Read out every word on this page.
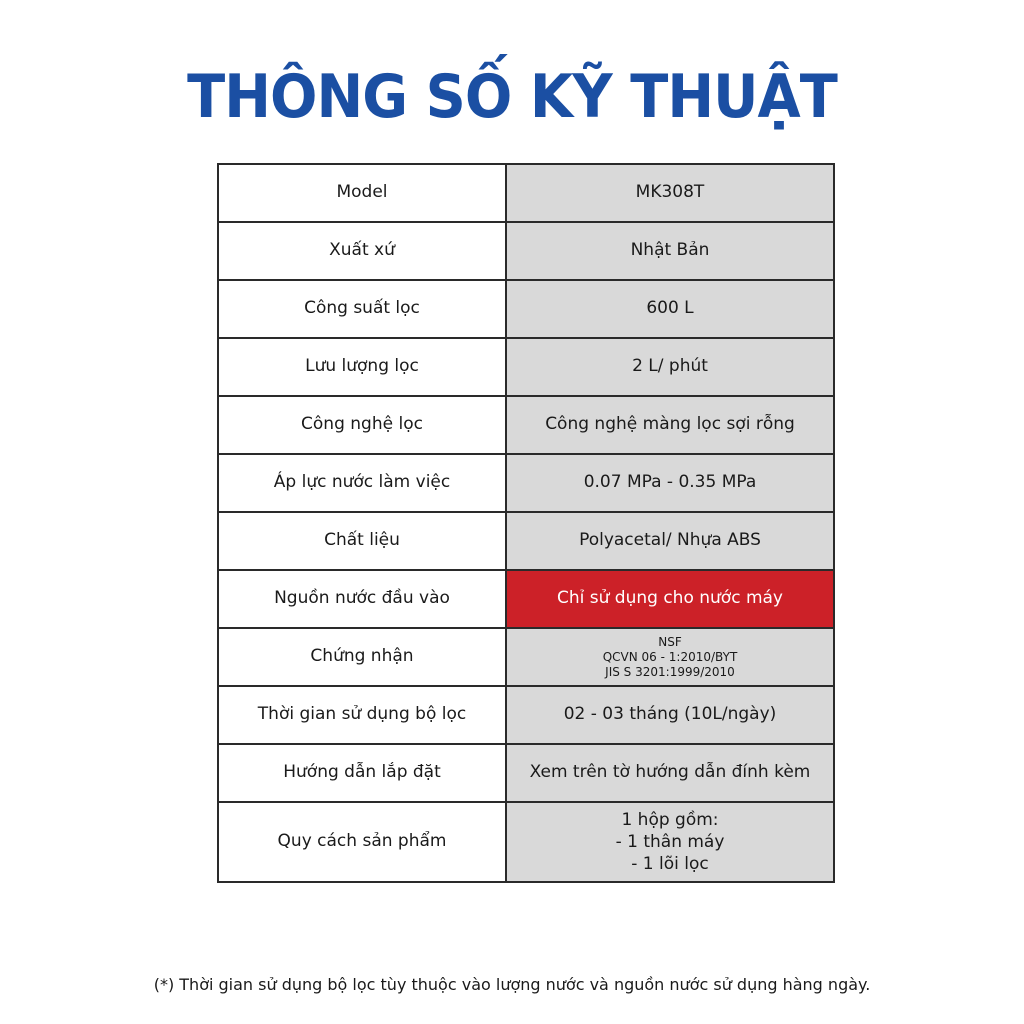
THÔNG SỐ KỸ THUẬT
Model	MK308T
Xuất xứ	Nhật Bản
Công suất lọc	600 L
Lưu lượng lọc	2 L/ phút
Công nghệ lọc	Công nghệ màng lọc sợi rỗng
Áp lực nước làm việc	0.07 MPa - 0.35 MPa
Chất liệu	Polyacetal/ Nhựa ABS
Nguồn nước đầu vào	Chỉ sử dụng cho nước máy
Chứng nhận	NSF
QCVN 06 - 1:2010/BYT
JIS S 3201:1999/2010

Thời gian sử dụng bộ lọc	02 - 03 tháng (10L/ngày)
Hướng dẫn lắp đặt	Xem trên tờ hướng dẫn đính kèm
Quy cách sản phẩm	1 hộp gồm:
- 1 thân máy
- 1 lõi lọc

(*) Thời gian sử dụng bộ lọc tùy thuộc vào lượng nước và nguồn nước sử dụng hàng ngày.
